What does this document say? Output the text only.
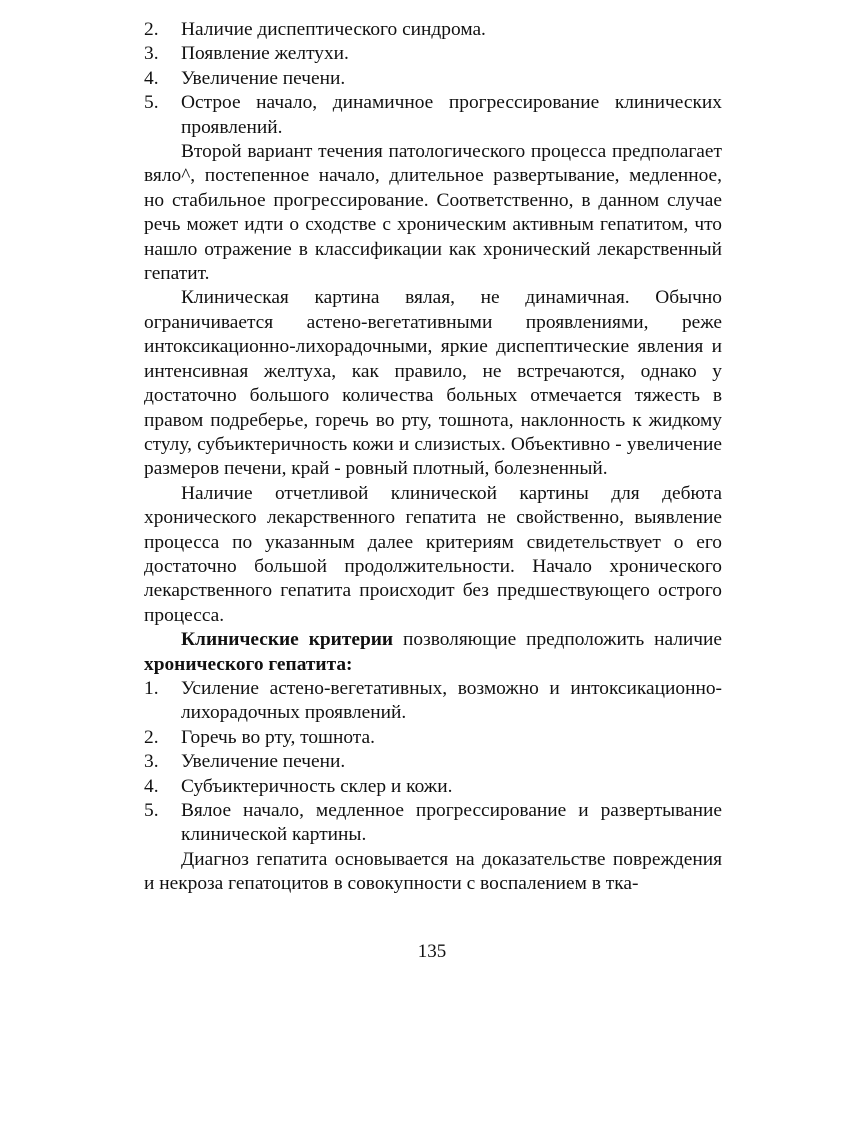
2.	Наличие диспептического синдрома.
3.	Появление желтухи.
4.	Увеличение печени.
5.	Острое начало, динамичное прогрессирование клинических проявлений.

Второй вариант течения патологического процесса предполагает вяло^, постепенное начало, длительное развертывание, медленное, но стабильное прогрессирование. Соответственно, в данном случае речь может идти о сходстве с хроническим активным гепатитом, что нашло отражение в классификации как хронический лекарственный гепатит.

Клиническая картина вялая, не динамичная. Обычно ограничивается астено-вегетативными проявлениями, реже интоксикационно-лихорадочными, яркие диспептические явления и интенсивная желтуха, как правило, не встречаются, однако у достаточно большого количества больных отмечается тяжесть в правом подреберье, горечь во рту, тошнота, наклонность к жидкому стулу, субъиктеричность кожи и слизистых. Объективно - увеличение размеров печени, край - ровный плотный, болезненный.

Наличие отчетливой клинической картины для дебюта хронического лекарственного гепатита не свойственно, выявление процесса по указанным далее критериям свидетельствует о его достаточно большой продолжительности. Начало хронического лекарственного гепатита происходит без предшествующего острого процесса.

Клинические критерии позволяющие предположить наличие хронического гепатита:

1.	Усиление астено-вегетативных, возможно и интоксикационно-лихорадочных проявлений.
2.	Горечь во рту, тошнота.
3.	Увеличение печени.
4.	Субъиктеричность склер и кожи.
5.	Вялое начало, медленное прогрессирование и развертывание клинической картины.

Диагноз гепатита основывается на доказательстве повреждения и некроза гепатоцитов в совокупности с воспалением в тка-

135
